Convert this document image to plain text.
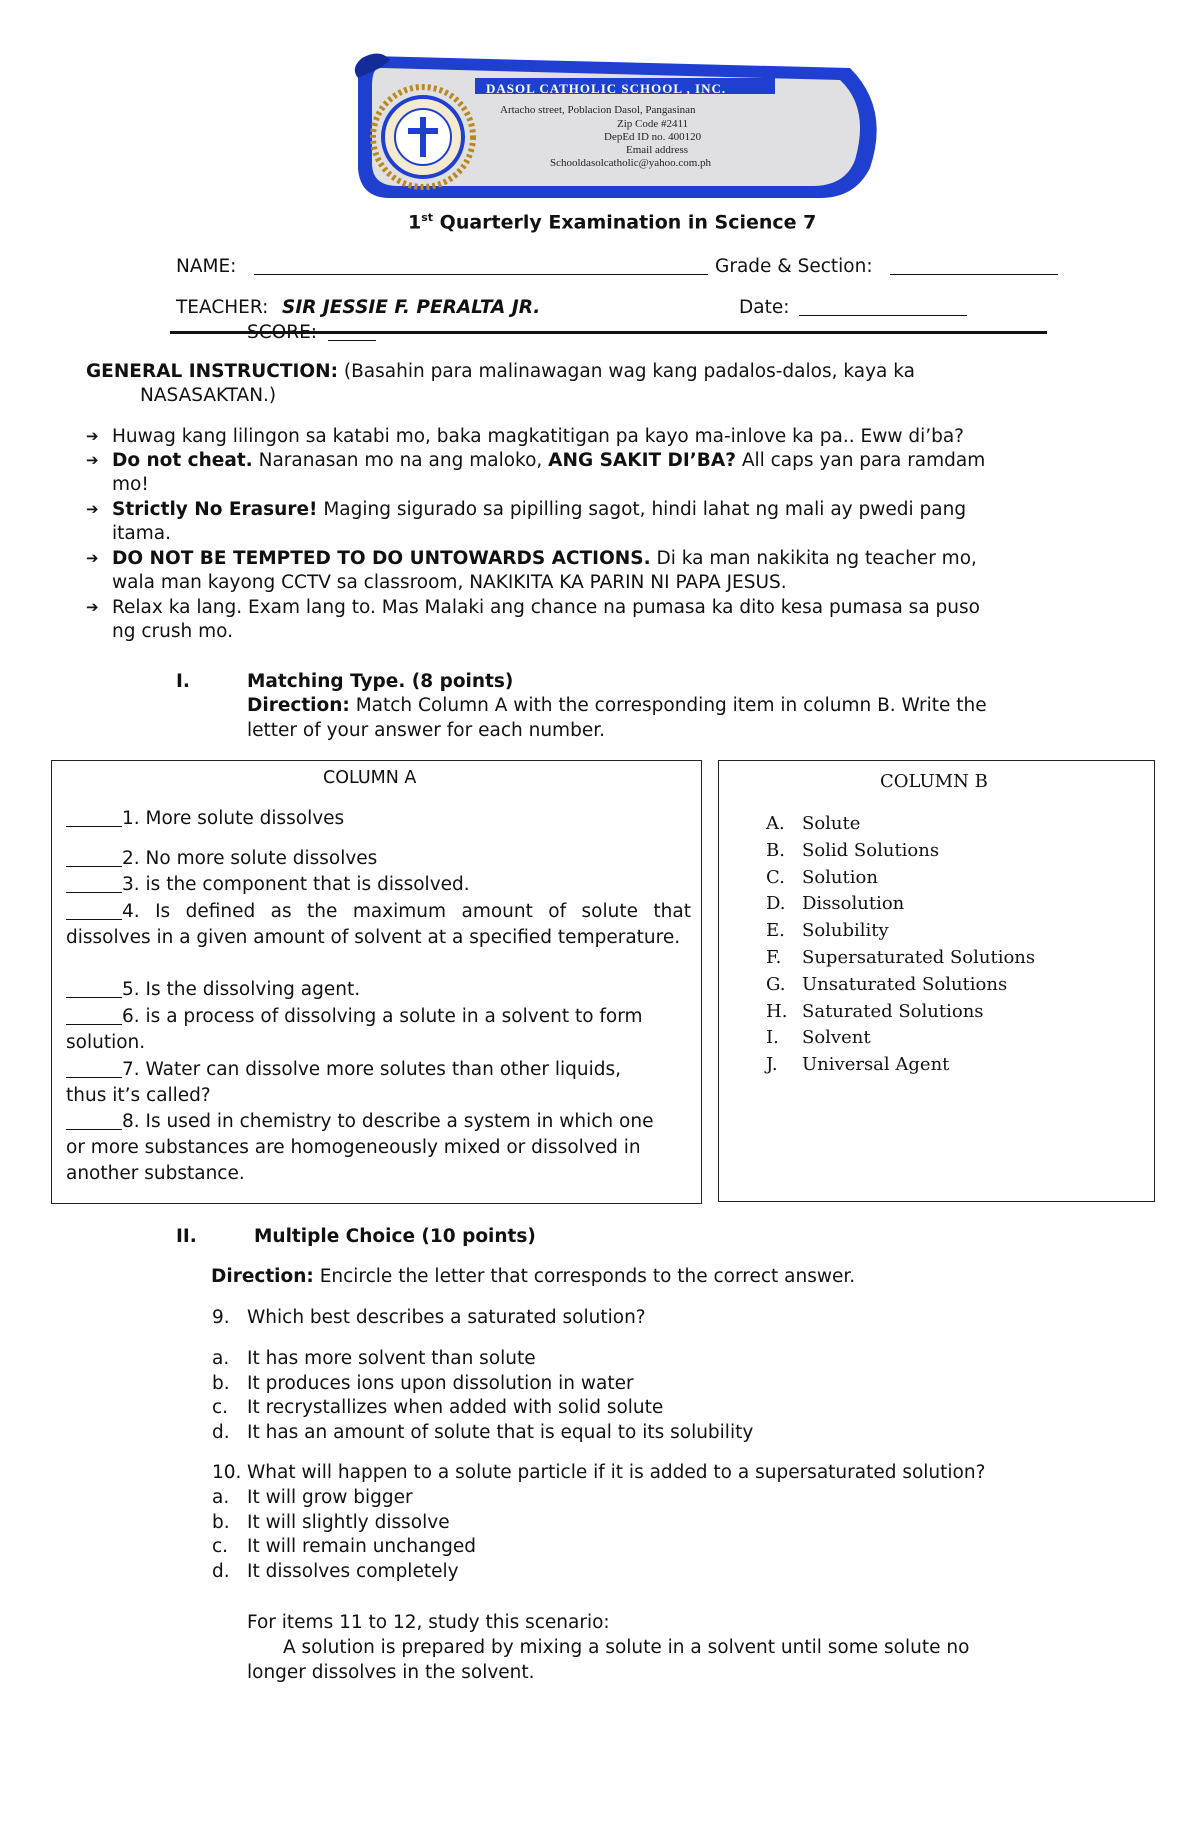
DASOL CATHOLIC SCHOOL , INC.
Artacho street, Poblacion Dasol, Pangasinan
Zip Code #2411
DepEd ID no. 400120
Email address
Schooldasolcatholic@yahoo.com.ph
1st Quarterly Examination in Science 7
NAME:	Grade & Section:
TEACHER: SIR JESSIE F. PERALTA JR.	Date:
SCORE:
GENERAL INSTRUCTION: (Basahin para malinawagan wag kang padalos-dalos, kaya ka
NASASAKTAN.)
➔ Huwag kang lilingon sa katabi mo, baka magkatitigan pa kayo ma-inlove ka pa.. Eww di’ba?
➔ Do not cheat. Naranasan mo na ang maloko, ANG SAKIT DI’BA? All caps yan para ramdam
mo!
➔ Strictly No Erasure! Maging sigurado sa pipilling sagot, hindi lahat ng mali ay pwedi pang
itama.
➔ DO NOT BE TEMPTED TO DO UNTOWARDS ACTIONS. Di ka man nakikita ng teacher mo,
wala man kayong CCTV sa classroom, NAKIKITA KA PARIN NI PAPA JESUS.
➔ Relax ka lang. Exam lang to. Mas Malaki ang chance na pumasa ka dito kesa pumasa sa puso
ng crush mo.
I.	Matching Type. (8 points)
Direction: Match Column A with the corresponding item in column B. Write the
letter of your answer for each number.
COLUMN A
1. More solute dissolves
2. No more solute dissolves
3. is the component that is dissolved.
4. Is defined as the maximum amount of solute that dissolves in a given amount of solvent at a specified temperature.
5. Is the dissolving agent.
6. is a process of dissolving a solute in a solvent to form solution.
7. Water can dissolve more solutes than other liquids, thus it’s called?
8. Is used in chemistry to describe a system in which one or more substances are homogeneously mixed or dissolved in another substance.
COLUMN B
A. Solute
B. Solid Solutions
C. Solution
D. Dissolution
E. Solubility
F. Supersaturated Solutions
G. Unsaturated Solutions
H. Saturated Solutions
I. Solvent
J. Universal Agent
II.	Multiple Choice (10 points)
Direction: Encircle the letter that corresponds to the correct answer.
9. Which best describes a saturated solution?
a. It has more solvent than solute
b. It produces ions upon dissolution in water
c. It recrystallizes when added with solid solute
d. It has an amount of solute that is equal to its solubility
10. What will happen to a solute particle if it is added to a supersaturated solution?
a. It will grow bigger
b. It will slightly dissolve
c. It will remain unchanged
d. It dissolves completely
For items 11 to 12, study this scenario:
A solution is prepared by mixing a solute in a solvent until some solute no
longer dissolves in the solvent.
